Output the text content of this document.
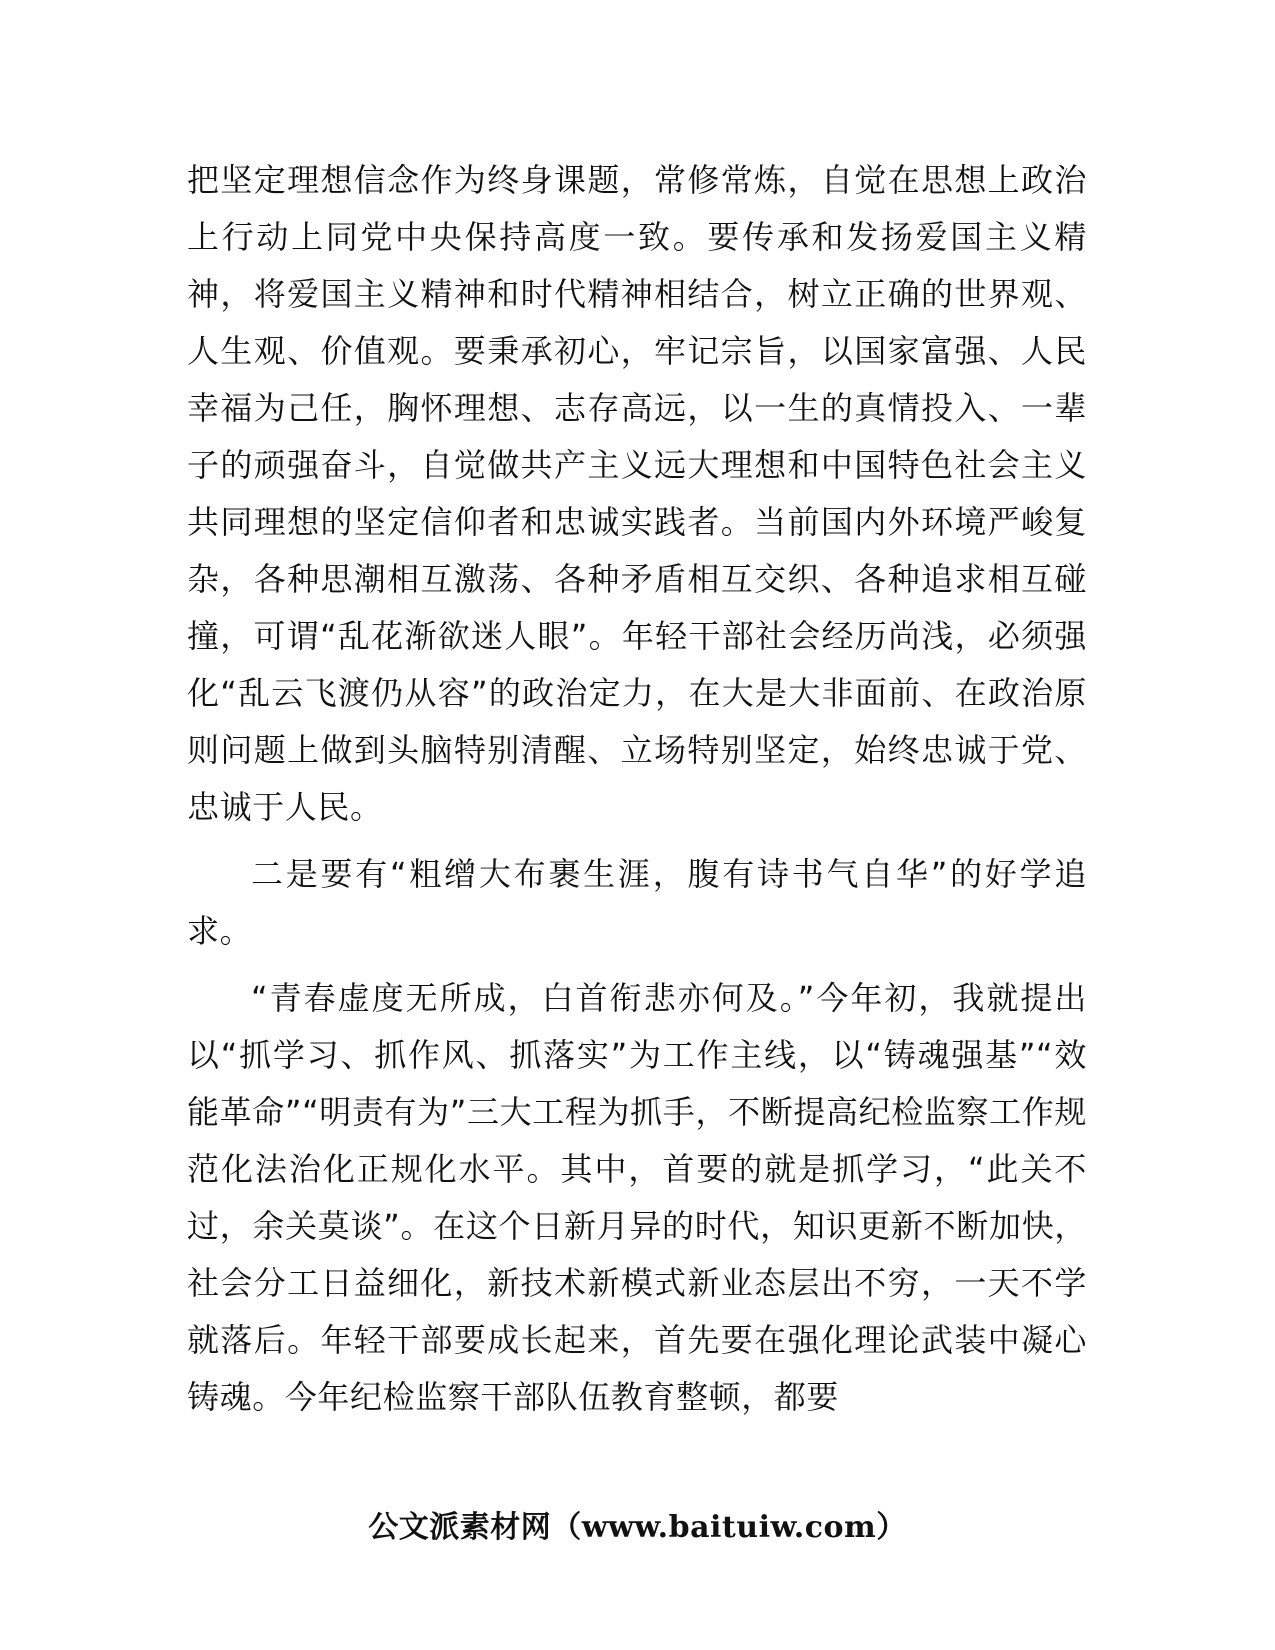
把坚定理想信念作为终身课题，常修常炼，自觉在思想上政治上行动上同党中央保持高度一致。要传承和发扬爱国主义精神，将爱国主义精神和时代精神相结合，树立正确的世界观、人生观、价值观。要秉承初心，牢记宗旨，以国家富强、人民幸福为己任，胸怀理想、志存高远，以一生的真情投入、一辈子的顽强奋斗，自觉做共产主义远大理想和中国特色社会主义共同理想的坚定信仰者和忠诚实践者。当前国内外环境严峻复杂，各种思潮相互激荡、各种矛盾相互交织、各种追求相互碰撞，可谓“乱花渐欲迷人眼”。年轻干部社会经历尚浅，必须强化“乱云飞渡仍从容”的政治定力，在大是大非面前、在政治原则问题上做到头脑特别清醒、立场特别坚定，始终忠诚于党、忠诚于人民。

二是要有“粗缯大布裹生涯，腹有诗书气自华”的好学追求。

“青春虚度无所成，白首衔悲亦何及。”今年初，我就提出以“抓学习、抓作风、抓落实”为工作主线，以“铸魂强基”“效能革命”“明责有为”三大工程为抓手，不断提高纪检监察工作规范化法治化正规化水平。其中，首要的就是抓学习，“此关不过，余关莫谈”。在这个日新月异的时代，知识更新不断加快，社会分工日益细化，新技术新模式新业态层出不穷，一天不学就落后。年轻干部要成长起来，首先要在强化理论武装中凝心铸魂。今年纪检监察干部队伍教育整顿，都要

公文派素材网（www.baituiw.com）
